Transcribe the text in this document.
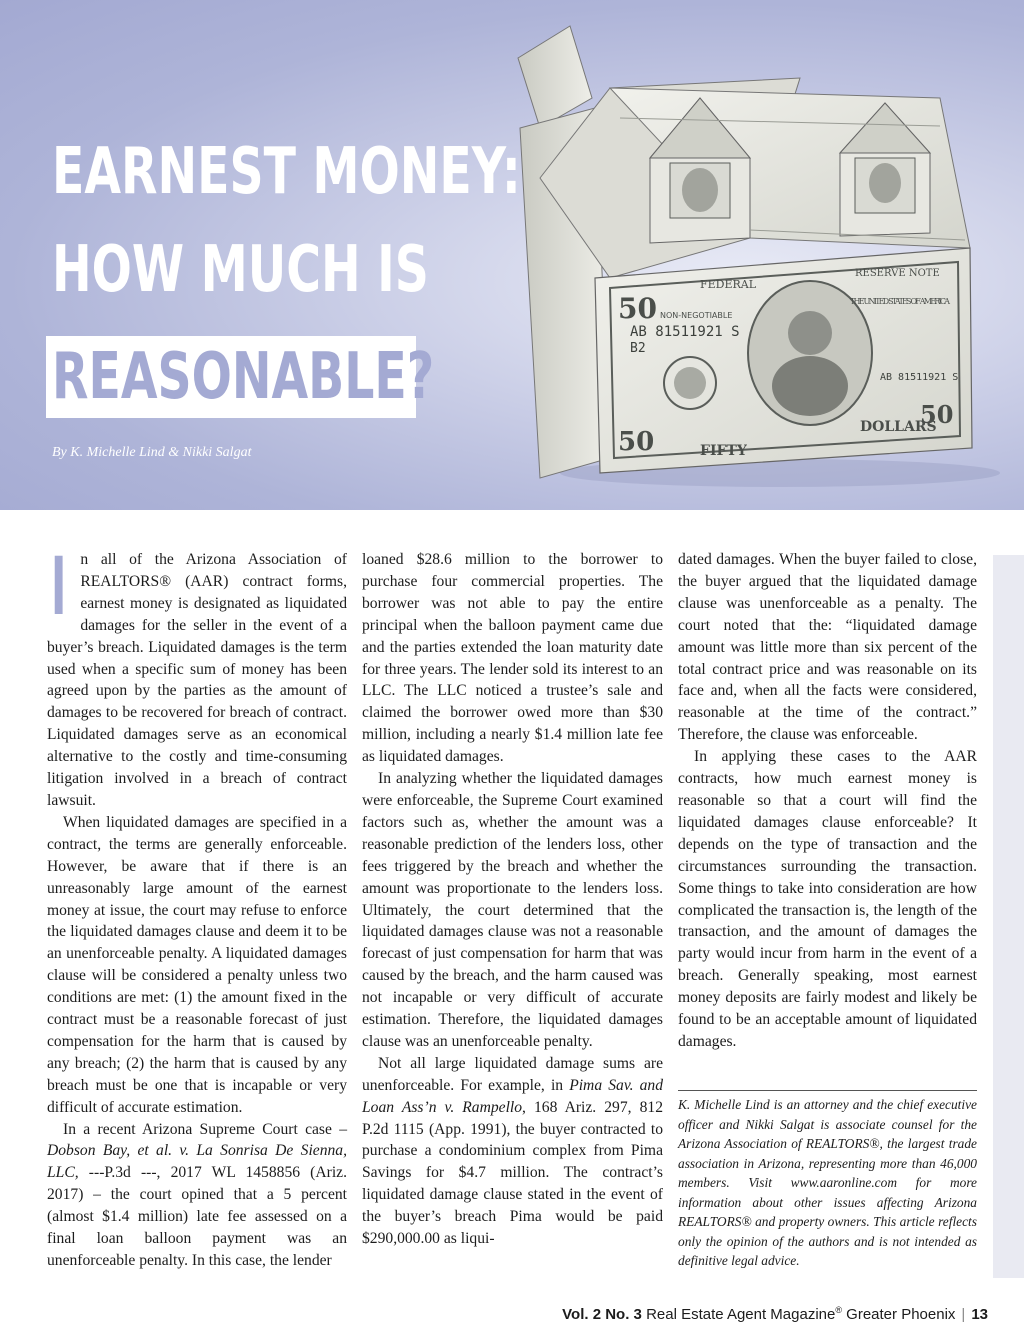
EARNEST MONEY:
HOW MUCH IS
REASONABLE?
By K. Michelle Lind & Nikki Salgat
50
50
50
FEDERAL
RESERVE NOTE
NON-NEGOTIABLE
AB 81511921 S
B2
AB 81511921 S
THE UNITED STATES OF AMERICA
DOLLARS
FIFTY

In all of the Arizona Association of REALTORS® (AAR) contract forms, earnest money is designated as liquidated damages for the seller in the event of a buyer’s breach. Liquidated damages is the term used when a specific sum of money has been agreed upon by the parties as the amount of damages to be recovered for breach of contract. Liquidated damages serve as an economical alternative to the costly and time-consuming litigation involved in a breach of contract lawsuit.

When liquidated damages are specified in a contract, the terms are generally enforceable. However, be aware that if there is an unreasonably large amount of the earnest money at issue, the court may refuse to enforce the liquidated damages clause and deem it to be an unenforceable penalty. A liquidated damages clause will be considered a penalty unless two conditions are met: (1) the amount fixed in the contract must be a reasonable forecast of just compensation for the harm that is caused by any breach; (2) the harm that is caused by any breach must be one that is incapable or very difficult of accurate estimation.

In a recent Arizona Supreme Court case – Dobson Bay, et al. v. La Sonrisa De Sienna, LLC, ---P.3d ---, 2017 WL 1458856 (Ariz. 2017) – the court opined that a 5 percent (almost $1.4 million) late fee assessed on a final loan balloon payment was an unenforceable penalty. In this case, the lender

loaned $28.6 million to the borrower to purchase four commercial properties. The borrower was not able to pay the entire principal when the balloon payment came due and the parties extended the loan maturity date for three years. The lender sold its interest to an LLC. The LLC noticed a trustee’s sale and claimed the borrower owed more than $30 million, including a nearly $1.4 million late fee as liquidated damages.

In analyzing whether the liquidated damages were enforceable, the Supreme Court examined factors such as, whether the amount was a reasonable prediction of the lenders loss, other fees triggered by the breach and whether the amount was proportionate to the lenders loss. Ultimately, the court determined that the liquidated damages clause was not a reasonable forecast of just compensation for harm that was caused by the breach, and the harm caused was not incapable or very difficult of accurate estimation. Therefore, the liquidated damages clause was an unenforceable penalty.

Not all large liquidated damage sums are unenforceable. For example, in Pima Sav. and Loan Ass’n v. Rampello, 168 Ariz. 297, 812 P.2d 1115 (App. 1991), the buyer contracted to purchase a condominium complex from Pima Savings for $4.7 million. The contract’s liquidated damage clause stated in the event of the buyer’s breach Pima would be paid $290,000.00 as liqui-

dated damages. When the buyer failed to close, the buyer argued that the liquidated damage clause was unenforceable as a penalty. The court noted that the: “liquidated damage amount was little more than six percent of the total contract price and was reasonable on its face and, when all the facts were considered, reasonable at the time of the contract.” Therefore, the clause was enforceable.

In applying these cases to the AAR contracts, how much earnest money is reasonable so that a court will find the liquidated damages clause enforceable? It depends on the type of transaction and the circumstances surrounding the transaction. Some things to take into consideration are how complicated the transaction is, the length of the transaction, and the amount of damages the party would incur from harm in the event of a breach. Generally speaking, most earnest money deposits are fairly modest and likely be found to be an acceptable amount of liquidated damages.

K. Michelle Lind is an attorney and the chief executive officer and Nikki Salgat is associate counsel for the Arizona Association of REALTORS®, the largest trade association in Arizona, representing more than 46,000 members. Visit www.aaronline.com for more information about other issues affecting Arizona REALTORS® and property owners. This article reflects only the opinion of the authors and is not intended as definitive legal advice.
Vol. 2 No. 3 Real Estate Agent Magazine® Greater Phoenix | 13
